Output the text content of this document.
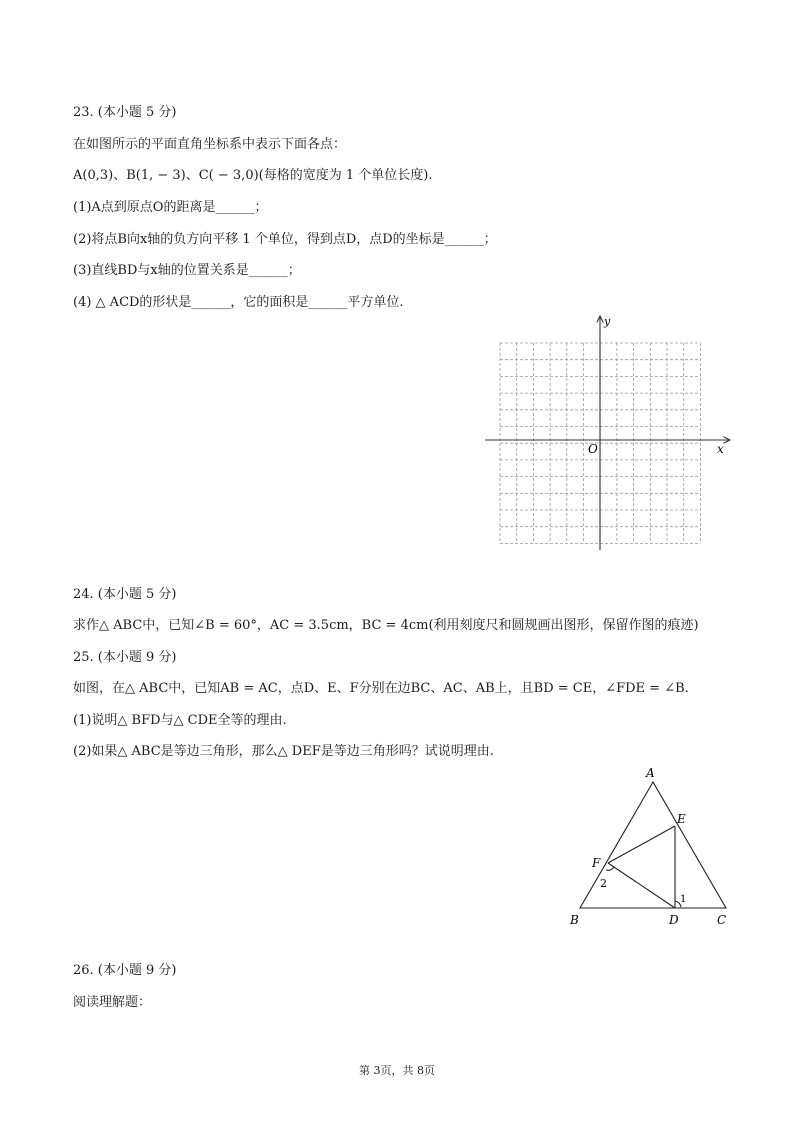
23. (本小题 5 分)
在如图所示的平面直角坐标系中表示下面各点：
A(0,3)、B(1, − 3)、C( − 3,0)(每格的宽度为 1 个单位长度).
(1)A点到原点O的距离是______；
(2)将点B向x轴的负方向平移 1 个单位，得到点D，点D的坐标是______；
(3)直线BD与x轴的位置关系是______；
(4) △ ACD的形状是______，它的面积是______平方单位.
x
y
O
24. (本小题 5 分)
求作△ ABC中，已知∠B = 60°，AC = 3.5cm，BC = 4cm(利用刻度尺和圆规画出图形，保留作图的痕迹)
25. (本小题 9 分)
如图，在△ ABC中，已知AB = AC，点D、E、F分别在边BC、AC、AB上，且BD = CE，∠FDE = ∠B.
(1)说明△ BFD与△ CDE全等的理由.
(2)如果△ ABC是等边三角形，那么△ DEF是等边三角形吗？试说明理由.
A
B	C
D
E
F
1
2
26. (本小题 9 分)
阅读理解题：
第 3页，共 8页
